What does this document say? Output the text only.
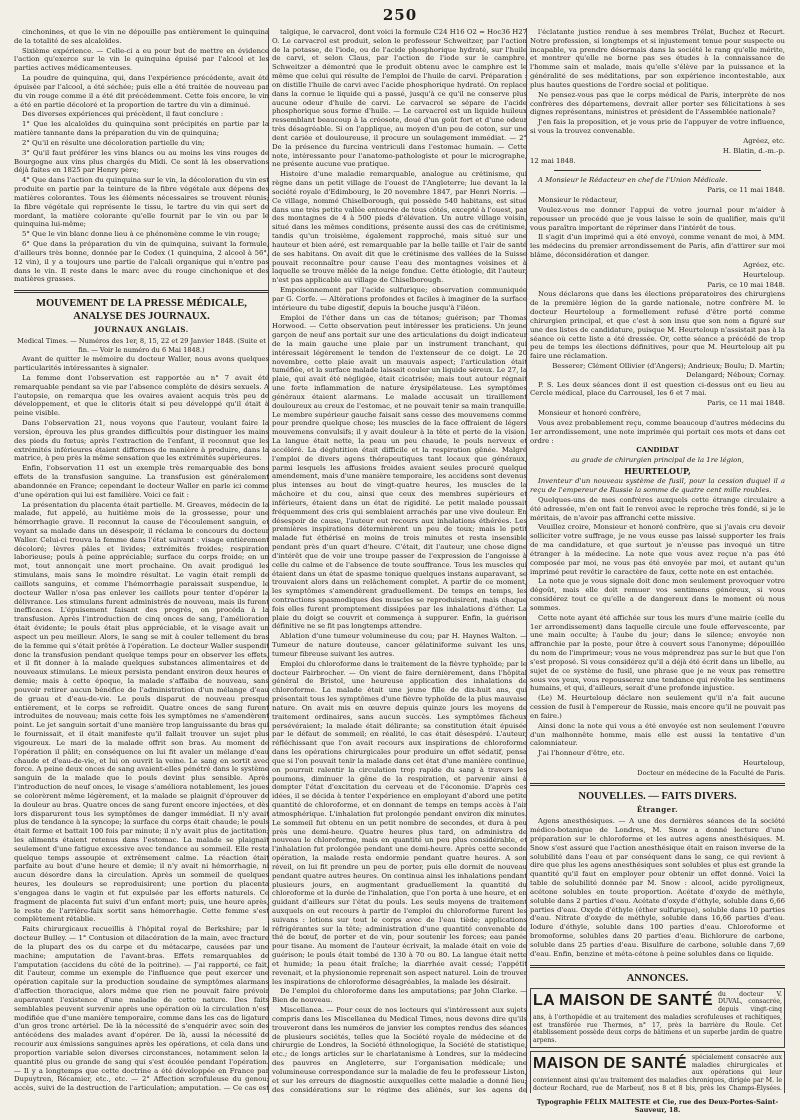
250

cinchonines, et que le vin ne dépouille pas entièrement le quinquina de la totalité de ses alcaloïdes.

Sixième expérience. — Celle-ci a eu pour but de mettre en évidence l'action qu'exerce sur le vin le quinquina épuisé par l'alcool et les parties actives médicamenteuses.

La poudre de quinquina, qui, dans l'expérience précédente, avait été épuisée par l'alcool, a été séchée; puis elle a été traitée de nouveau par du vin rouge comme il a été dit précédemment. Cette fois encore, le vin a été en partie décoloré et la proportion de tartre du vin a diminué.

Des diverses expériences qui précèdent, il faut conclure :

1° Que les alcaloïdes du quinquina sont précipités en partie par la matière tannante dans la préparation du vin de quinquina;

2° Qu'il en résulte une décoloration partielle du vin;

3° Qu'il faut préférer les vins blancs ou au moins les vins rouges de Bourgogne aux vins plus chargés du Midi. Ce sont là les observations déjà faites en 1825 par Henry père;

4° Que dans l'action du quinquina sur le vin, la décoloration du vin est produite en partie par la teinture de la fibre végétale aux dépens des matières colorantes. Tous les éléments nécessaires se trouvent réunis; la fibre végétale qui représente le tissu, le tartre du vin qui sert de mordant, la matière colorante qu'elle fournit par le vin ou par le quinquina lui-même;

5° Que le vin blanc donne lieu à ce phénomène comme le vin rouge;

6° Que dans la préparation du vin de quinquina, suivant la formule, d'ailleurs très bonne, donnée par le Codex (1 quinquina, 2 alcool à 56°, 12 vin), il y a toujours une partie de l'alcali organique qui n'entre pas dans le vin. Il reste dans le marc avec du rouge cinchonique et des matières grasses.

MOUVEMENT DE LA PRESSE MÉDICALE, ANALYSE DES JOURNAUX.
JOURNAUX ANGLAIS.

Medical Times. — Numéros des 1er, 8, 15, 22 et 29 Janvier 1848. (Suite et fin. — Voir le numéro du 6 Mai 1848.)

Avant de quitter le mémoire du docteur Waller, nous avons quelques particularités intéressantes à signaler.

La femme dont l'observation est rapportée au n° 7 avait été remarquable pendant sa vie par l'absence complète de désirs sexuels. A l'autopsie, on remarqua que les ovaires avaient acquis très peu de développement, et que le clitoris était si peu développé qu'il était à peine visible.

Dans l'observation 21, nous voyons que l'auteur, voulant faire la version, éprouva les plus grandes difficultés pour distinguer les mains des pieds du fœtus; après l'extraction de l'enfant, il reconnut que les extrémités inférieures étaient difformes de manière à produire, dans la matrice, à peu près la même sensation que les extrémités supérieures.

Enfin, l'observation 11 est un exemple très remarquable des bons effets de la transfusion sanguine. La transfusion est généralement abandonnée en France; cependant le docteur Waller en parle ici comme d'une opération qui lui est familière. Voici ce fait :

La présentation du placenta était partielle. M. Greaves, médecin de la malade, fut appelé, au huitième mois de la grossesse, pour une hémorrhagie grave. Il reconnut la cause de l'écoulement sanguin, et voyant sa malade dans un désespoir, il réclama le concours du docteur Waller. Celui-ci trouva la femme dans l'état suivant : visage entièrement décoloré; lèvres pâles et livides; extrémités froides; respiration laborieuse; pouls à peine appréciable; surface du corps froide; en un mot, tout annonçait une mort prochaine. On avait prodigué les stimulans, mais sans le moindre résultat. Le vagin était rempli de caillots sanguins, et comme l'hémorrhagie paraissait suspendue, le docteur Waller n'osa pas enlever les caillots pour tenter d'opérer la délivrance. Les stimulans furent administrés de nouveau, mais ils furent inefficaces. L'épuisement faisant des progrès, on procéda à la transfusion. Après l'introduction de cinq onces de sang, l'amélioration était évidente; le pouls était plus appréciable, et le visage avait un aspect un peu meilleur. Alors, le sang se mit à couler tellement du bras de la femme qui s'était prêtée à l'opération. Le docteur Waller suspendit donc la transfusion pendant quelque temps pour en observer les effets, et il fit donner à la malade quelques substances alimentaires et de nouveaux stimulans. Le mieux persista pendant environ deux heures et demie; mais à cette époque, la malade s'affaiba de nouveau, sans pouvoir retirer aucun bénéfice de l'administration d'un mélange d'eau de gruau et d'eau-de-vie. Le pouls disparut de nouveau presque entièrement, et le corps se refroidit. Quatre onces de sang furent introduites de nouveau; mais cette fois les symptômes ne s'amendèrent point. Le jet sanguin sortait d'une manière trop languissante du bras qui le fournissait, et il était manifeste qu'il fallait trouver un sujet plus vigoureux. Le mari de la malade offrit son bras. Au moment de l'opération il pâlit; en conséquence on lui fit avaler un mélange d'eau chaude et d'eau-de-vie, et lui on ouvrit la veine. Le sang en sortit avec force. A peine deux onces de sang avaient-elles pénétré dans le système sanguin de la malade que le pouls devint plus sensible. Après l'introduction de neuf onces, le visage s'améliora notablement, les joues se colorèrent même légèrement, et la malade se plaignit d'éprouver de la douleur au bras. Quatre onces de sang furent encore injectées, et dès lors disparurent tous les symptômes de danger immédiat. Il n'y avait plus de tendance à la syncope; la surface du corps était chaude; le pouls était ferme et battait 100 fois par minute; il n'y avait plus de jactitation; les aliments étaient retenus dans l'estomac. La malade se plaignait seulement d'une fatigue excessive avec tendance au sommeil. Elle resta quelque temps assoupie et extrêmement calme. La réaction était parfaite au bout d'une heure et demie; il n'y avait ni hémorrhagie, ni aucun désordre dans la circulation. Après un sommeil de quelques heures, les douleurs se reproduisirent; une portion du placenta s'engagea dans le vagin et fut expulsée par les efforts naturels. Ce fragment de placenta fut suivi d'un enfant mort; puis, une heure après, le reste de l'arrière-faix sortit sans hémorrhagie. Cette femme s'est complètement rétablie.

Faits chirurgicaux recueillis à l'hôpital royal de Berkshire; par le docteur Bulley. — 1° Contusion et dilacération de la main, avec fracture de la plupart des os du carpe et du métacarpe, causées par une machine; amputation de l'avant-bras. Effets remarquables de l'amputation (accidens du côté de la poitrine). — J'ai rapporté, ce fait, dit l'auteur, comme un exemple de l'influence que peut exercer une opération capitale sur la production soudaine de symptômes alarmans d'affection thoracique, alors même que rien ne pouvait faire prévoir auparavant l'existence d'une maladie de cette nature. Des faits semblables peuvent survenir après une opération où la circulation n'est modifiée que d'une manière temporaire, comme dans les cas de ligature d'un gros tronc artériel. De là la nécessité de s'enquérir avec soin des antécédens des malades avant d'opérer. De là, aussi la nécessité de recourir aux émissions sanguines après les opérations, et cela dans une proportion variable selon diverses circonstances, notamment selon la quantité plus ou grande de sang qui s'est écoulée pendant l'opération. — Il y a longtemps que cette doctrine a été développée en France par Dupuytren, Récamier, etc., etc. — 2° Affection scrofuleuse du genou; accès, suivi de la destruction de l'articulation; amputation. — Ce cas est

talgique, le carvacrol, dont voici la formule C24 H16 O2 = Hoc36 H27 O. Le carvacrol est produit, selon le professeur Schweitzer, par l'action de la potasse, de l'iode, ou de l'acide phosphorique hydraté, sur l'huile de carvi, et selon Claus, par l'action de l'iode sur le camphre. Schweitzer a démontré que le produit obtenu avec le camphre est le même que celui qui résulte de l'emploi de l'huile de carvi. Préparation : on distille l'huile de carvi avec l'acide phosphorique hydraté. On replace dans la cornue le liquide qui a passé, jusqu'à ce qu'il ne conserve plus aucune odeur d'huile de carvi. Le carvacrol se sépare de l'acide phosphorique sous forme d'huile. — Le carvacrol est un liquide huileux ressemblant beaucoup à la créosote, doué d'un goût fort et d'une odeur très désagréable. Si on l'applique, au moyen d'un peu de coton, sur une dent cariée et douloureuse, il procure un soulagement immédiat. — 2° De la présence du furcina ventriculi dans l'estomac humain. — Cette note, intéressante pour l'anatomo-pathologiste et pour le micrographe, ne présente aucune vue pratique.

Histoire d'une maladie remarquable, analogue au crétinisme, qui règne dans un petit village de l'ouest de l'Angleterre; lue devant la la société royale d'Edimbourg, le 20 novembre 1847, par Henri Norris. — Ce village, nommé Chiselborough, qui possède 540 habitans, est situé dans une très petite vallée entourée de tous côtés, excepté à l'ouest, par des montagnes de 4 à 500 pieds d'élévation. Un autre village voisin, situé dans les mêmes conditions, présente aussi des cas de crétinisme, tandis qu'un troisième, également rapproché, mais situé sur une hauteur et bien aéré, est remarquable par la belle taille et l'air de santé de ses habitans. On avait dit que le crétinisme des vallées de la Suisse pouvait reconnaître pour cause l'eau des montagnes voisines et à laquelle se trouve mêlée de la neige fondue. Cette étiologie, dit l'auteur, n'est pas applicable au village de Chiselborough.

Empoisonnement par l'acide sulfurique; observation communiquée par G. Corfe. — Altérations profondes et faciles à imaginer de la surface intérieure du tube digestif, depuis la bouche jusqu'à l'iléon.

Emploi de l'éther dans un cas de tétanos; guérison; par Thomas Horwood. — Cette observation peut intéresser les praticiens. Un jeune garçon de neuf ans portait sur une des articulations du doigt indicateur de la main gauche une plaie par un instrument tranchant, qui intéressait légèrement le tendon de l'extenseur de ce doigt. Le 20 novembre, cette plaie avait un mauvais aspect; l'articulation était tuméfiée, et la surface malade laissait couler un liquide séreux. Le 27, la plaie, qui avait été négligée, était cicatrisée; mais tout autour régnait une forte inflammation de nature érysipélateuse. Les symptômes généraux étaient alarmans. Le malade accusait un tiraillement douloureux au creux de l'estomac, et ne pouvait tenir sa main tranquille. Le membre supérieur gauche faisait sans cesse des mouvemens comme pour prendre quelque chose; les muscles de la face offraient de légers mouvemens convulsifs; il y avait douleur à la tête et perte de la vision. La langue était nette, la peau un peu chaude, le pouls nerveux et accéléré. La déglutition était difficile et la respiration gênée. Malgré l'emploi de divers agens thérapeutiques tant locaux que généraux, parmi lesquels les affusions froides avaient seules procuré quelque amendement, mais d'une manière temporaire, les accidens sont devenus plus intenses au bout de vingt-quatre heures, les muscles de la mâchoire et du cou, ainsi que ceux des membres supérieurs et inférieurs, étaient dans un état de rigidité. Le petit malade poussait fréquemment des cris qui semblaient arrachés par une vive douleur. En désespoir de cause, l'auteur eut recours aux inhalations éthérées. Les premières inspirations déterminèrent un peu de toux; mais le petit malade fut éthérisé en moins de trois minutes et resta insensible pendant près d'un quart d'heure. C'était, dit l'auteur, une chose digne d'intérêt que de voir une troupe passer de l'expression de l'angoisse à celle du calme et de l'absence de toute souffrance. Tous les muscles qui étaient dans un état de spasme tonique quelques instans auparavant, se trouvaient alors dans un relâchement complet. A partir de ce moment, les symptômes s'amendèrent graduellement. De temps en temps, les contractions spasmodiques des muscles se reproduisirent, mais chaque fois elles furent promptement dissipées par les inhalations d'éther. La plaie du doigt se couvrit et commença à suppurer. Enfin, la guérison définitive ne se fit pas longtemps attendre.

Ablation d'une tumeur volumineuse du cou; par H. Haynes Walton. — Tumeur de nature douteuse, cancer gélatiniforme suivant les uns, tumeur fibreuse suivant les autres.

Emploi du chloroforme dans le traitement de la fièvre typhoïde; par le docteur Fairbrocher. — On vient de faire dernièrement, dans l'hôpital général de Bristol, une heureuse application des inhalations de chloroforme. La malade était une jeune fille de dix-huit ans, qui présentait tous les symptômes d'une fièvre typhoïde de la plus mauvaise nature. On avait mis en œuvre depuis quinze jours les moyens de traitement ordinaires, sans aucun succès. Les symptômes fâcheux persévéraient; la malade était délirante; sa constitution était épuisée par le défaut de sommeil; en réalité, le cas était désespéré. L'auteur, réfléchissant que l'on avait recours aux inspirations de chloroforme dans les opérations chirurgicales pour produire un effet sédatif, pensa que si l'on pouvait tenir la malade dans cet état d'une manière continue, on pourrait ralentir la circulation trop rapide du sang à travers les poumons, diminuer la gêne de la respiration, et parvenir ainsi à dompter l'état d'excitation du cerveau et de l'économie. D'après ces idées, il se décida à tenter l'expérience en employant d'abord une petite quantité de chloroforme, et en donnant de temps en temps accès à l'air atmosphérique. L'inhalation fut prolongée pendant environ dix minutes. Le sommeil fut obtenu en un petit nombre de secondes, et dura à peu près une demi-heure. Quatre heures plus tard, on administra de nouveau le chloroforme, mais en quantité un peu plus considérable, et l'inhalation fut prolongée pendant une demi-heure. Après cette seconde opération, la malade resta endormie pendant quatre heures. A son réveil, on lui fit prendre un peu de porter, puis elle dormit de nouveau pendant quatre autres heures. On continua ainsi les inhalations pendant plusieurs jours, en augmentant graduellement la quantité du chloroforme et la durée de l'inhalation, que l'on porta à une heure, et en guidant d'ailleurs sur l'état du pouls. Les seuls moyens de traitement auxquels on eut recours à partir de l'emploi du chloroforme furent les suivans : lotions sur tout le corps avec de l'eau tiède; applications réfrigérantes sur la tête; administration d'une quantité convenable de thé de bœuf, de porter et de vin, pour soutenir les forces; eau panée pour tisane. Au moment de l'auteur écrivait, la malade était en voie de guérison; le pouls était tombé de 130 à 70 ou 80. La langue était nette et humide; la peau était fraîche; la diarrhée avait cessé; l'appétit revenait, et la physionomie reprenait son aspect naturel. Loin de trouver les inspirations de chloroforme désagréables, la malade les désirait.

De l'emploi du chloroforme dans les amputations; par John Clarke. — Bien de nouveau.

Miscellanea. — Pour ceux de nos lecteurs qui s'intéressent aux sujets compris dans les Miscellanea du Medical Times, nous devons dire qu'ils trouveront dans les numéros de janvier les comptes rendus des séances de plusieurs sociétés, telles que la Société royale de médecine et de chirurgie de Londres, la Société éthnologique, la Société de statistique, etc.; de longs articles sur le charlatanisme à Londres, sur la médecine des pauvres en Angleterre, sur l'organisation médicale; une volumineuse correspondance sur la maladie de feu le professeur Liston, et sur les erreurs de diagnostic auxquelles cette maladie a donné lieu; des considérations sur le régime des aliénés, sur les agens de

l'éclatante justice rendue à ses membres Trélat, Buchez et Recurt. Notre profession, si longtemps et si injustement tenue pour suspecte ou incapable, va prendre désormais dans la société le rang qu'elle mérite, et montrer qu'elle ne borne pas ses études à la connaissance de l'homme sain et malade, mais qu'elle s'élève par la puissance et la généralité de ses méditations, par son expérience incontestable, aux plus hautes questions de l'ordre social et politique.

Ne pensez-vous pas que le corps médical de Paris, interprète de nos confrères des départemens, devrait aller porter ses félicitations à ses dignes représentans, ministres et président de l'Assemblée nationale?

J'en fais la proposition, et je vous prie de l'appuyer de votre influence, si vous la trouvez convenable.

Agréez, etc.

H. Blatin, d.-m.-p.

12 mai 1848.

A Monsieur le Rédacteur en chef de l'Union Médicale.

Paris, ce 11 mai 1848.

Monsieur le rédacteur,

Voulez-vous me donner l'appui de votre journal pour m'aider à repousser un procédé que je vous laisse le soin de qualifier, mais qu'il vous paraîtra important de réprimer dans l'intérêt de tous.

Il s'agit d'un imprimé qui a été envoyé, comme venant de moi, à MM. les médecins du premier arrondissement de Paris, afin d'attirer sur moi blâme, déconsidération et danger.

Agréez, etc.

Heurteloup.

Paris, ce 10 mai 1848.

Nous déclarons que dans les élections préparatoires des chirurgiens de la première légion de la garde nationale, notre confrère M. le docteur Heurteloup a formellement refusé d'être porté comme chirurgien principal, et que c'est à son insu que son nom a figuré sur une des listes de candidature, puisque M. Heurteloup n'assistait pas à la séance où cette liste a été dressée. Or, cette séance a précédé de trop peu de temps les élections définitives, pour que M. Heurteloup ait pu faire une réclamation.

Besserer; Clément Ollivier (d'Angers); Andrieux; Boulu; D. Martin; Delangard; Néboux; Cornay.

P. S. Les deux séances dont il est question ci-dessus ont eu lieu au Cercle médical, place du Carrousel, les 6 et 7 mai.

Paris, ce 11 mai 1848.

Monsieur et honoré confrère,

Vous avez probablement reçu, comme beaucoup d'autres médecins du 1er arrondissement, une note imprimée qui portait ces mots et dans cet ordre :

CANDIDAT

au grade de chirurgien principal de la 1re légion,

HEURTELOUP,

Inventeur d'un nouveau système de fusil, pour la cession duquel il a reçu de l'empereur de Russie la somme de quatre cent mille roubles.

Quelques-uns de mes confrères auxquels cette étrange circulaire a été adressée, m'en ont fait le renvoi avec le reproche très fondé, si je le méritais, de n'avoir pas affranchi cette missive.

Veuillez croire, Monsieur et honoré confrère, que si j'avais cru devoir solliciter votre suffrage, je ne vous eusse pas laissé supporter les frais de ma candidature, et que surtout je n'eusse pas invoqué un titre étranger à la médecine. La note que vous avez reçue n'a pas été composée par moi, ne vous pas été envoyée par moi, et autant qu'un imprimé peut revêtir le caractère de faux, cette note en est entachée.

La note que je vous signale doit donc mon seulement provoquer votre dégoût, mais elle doit remuer vos sentimens généreux, si vous considérez tout ce qu'elle a de dangereux dans le moment où nous sommes.

Cette note ayant été affichée sur tous les murs d'une mairie (celle du 1er arrondissement) dans laquelle circule une foule effervescente, par une main occulte; à l'aube du jour; dans le silence; envoyée non affranchie par la poste, pour être à couvert sous l'anonyme; dépouillée du nom de l'imprimeur; vous ne vous méprendrez pas sur le but que l'on s'est proposé. Si vous considérez qu'il a déjà été écrit dans un libelle, au sujet de ce système de fusil, une phrase que je ne veux pas remettre sous vos yeux, vous repousserez une tendance qui révolte les sentimens humains, et qui, d'ailleurs, serait d'une profonde injustice.

(Le) M. Heurteloup déclare non seulement qu'il n'a fait aucune cession de fusil à l'empereur de Russie, mais encore qu'il ne pouvait pas en faire.)

Ainsi donc la note qui vous a été envoyée est non seulement l'œuvre d'un malhonnête homme, mais elle est aussi la tentative d'un calomniateur.

J'ai l'honneur d'être, etc.

Heurteloup,

Docteur en médecine de la Faculté de Paris.

NOUVELLES. — FAITS DIVERS.
Étranger.

Agens anesthésiques. — A une des dernières séances de la société médico-botanique de Londres, M. Snow a donné lecture d'une préparation sur le chloroforme et les autres agens anesthésiques. M. Snow s'est assuré que l'action anesthésique était en raison inverse de la solubilité dans l'eau et par conséquent dans le sang, ce qui revient à dire que plus les agens anesthésiques sont solubles et plus est grande la quantité qu'il faut en employer pour obtenir un effet donné. Voici la table de solubilité donnée par M. Snow : alcool, acide pyroligneux, acétone solubles en toute proportion. Acétate d'oxyde de méthyle, soluble dans 2 parties d'eau. Acétate d'oxyde d'éthyle, soluble dans 6,66 parties d'eau. Oxyde d'éthyle (éther sulfurique), soluble dans 10 parties d'eau. Nitrate d'oxyde de méthyle, soluble dans 16,66 parties d'eau. Iodure d'éthyle, soluble dans 100 parties d'eau. Chloroforme et bromoforme, solubles dans 20 parties d'eau. Bichlorure de carbone, soluble dans 25 parties d'eau. Bisulfure de carbone, soluble dans 7,69 d'eau. Enfin, benzine et méta-cétone à peine solubles dans ce liquide.

ANNONCES.
LA MAISON DE SANTÉ du docteur V. DUVAL, consacrée, depuis vingt-cinq ans, à l'orthopédie et au traitement des maladies scrofuleuses et rachitiques, est transférée rue Thermes, n° 17, près la barrière du Roule. Cet établissement possède deux corps de bâtimens et un superbe jardin de quatre arpens.
MAISON DE SANTÉ spécialement consacrée aux maladies chirurgicales et aux opérations qui leur conviennent ainsi qu'au traitement des maladies chroniques, dirigée par M. le docteur Rochard, rue de Marbeuf, nos 8 et 8 bis, près les Champs-Élysées.
Typographie FÉLIX MALTESTE et Cie, rue des Deux-Portes-Saint-Sauveur, 18.
